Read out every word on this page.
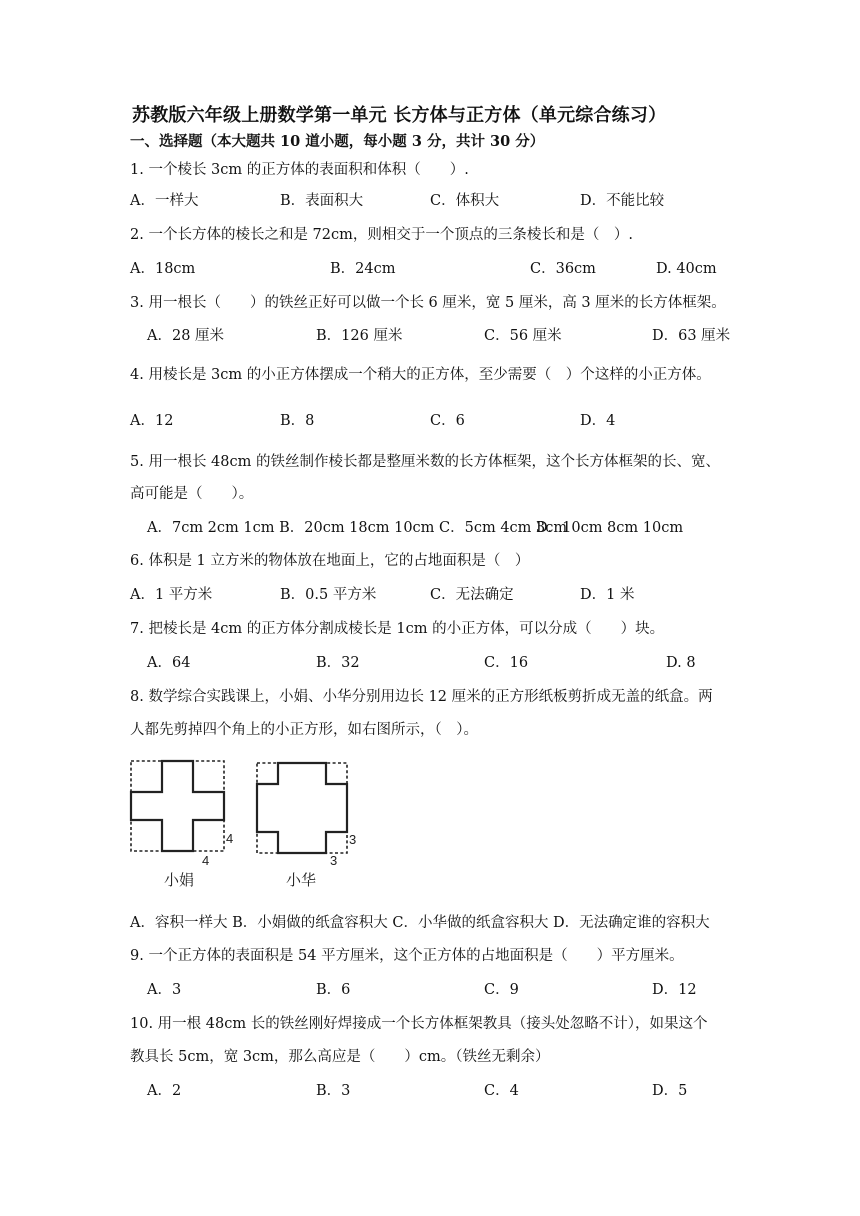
苏教版六年级上册数学第一单元 长方体与正方体（单元综合练习）
一、选择题（本大题共 10 道小题，每小题 3 分，共计 30 分）
1. 一个棱长 3cm 的正方体的表面积和体积（　　）.
A．一样大	B．表面积大	C．体积大	D．不能比较
2. 一个长方体的棱长之和是 72cm，则相交于一个顶点的三条棱长和是（　）.
A．18cm	B．24cm	C．36cm	D. 40cm
3. 用一根长（　　）的铁丝正好可以做一个长 6 厘米，宽 5 厘米，高 3 厘米的长方体框架。
A．28 厘米	B．126 厘米	C．56 厘米	D．63 厘米
4. 用棱长是 3cm 的小正方体摆成一个稍大的正方体，至少需要（　）个这样的小正方体。
A．12	B．8	C．6	D．4
5. 用一根长 48cm 的铁丝制作棱长都是整厘米数的长方体框架，这个长方体框架的长、宽、
高可能是（　　）。
A．7cm 2cm 1cm B．20cm 18cm 10cm C．5cm 4cm 3cm
D．10cm 8cm 10cm
6. 体积是 1 立方米的物体放在地面上，它的占地面积是（　）
A．1 平方米	B．0.5 平方米	C．无法确定	D．1 米
7. 把棱长是 4cm 的正方体分割成棱长是 1cm 的小正方体，可以分成（　　）块。
A．64	B．32	C．16	D. 8
8. 数学综合实践课上，小娟、小华分别用边长 12 厘米的正方形纸板剪折成无盖的纸盒。两
人都先剪掉四个角上的小正方形，如右图所示，（　）。
4
4
3
3
小娟	小华
A．容积一样大 B．小娟做的纸盒容积大 C．小华做的纸盒容积大 D．无法确定谁的容积大
9. 一个正方体的表面积是 54 平方厘米，这个正方体的占地面积是（　　）平方厘米。
A．3	B．6	C．9	D．12
10. 用一根 48cm 长的铁丝刚好焊接成一个长方体框架教具（接头处忽略不计），如果这个
教具长 5cm，宽 3cm，那么高应是（　　）cm。（铁丝无剩余）
A．2	B．3	C．4	D．5
